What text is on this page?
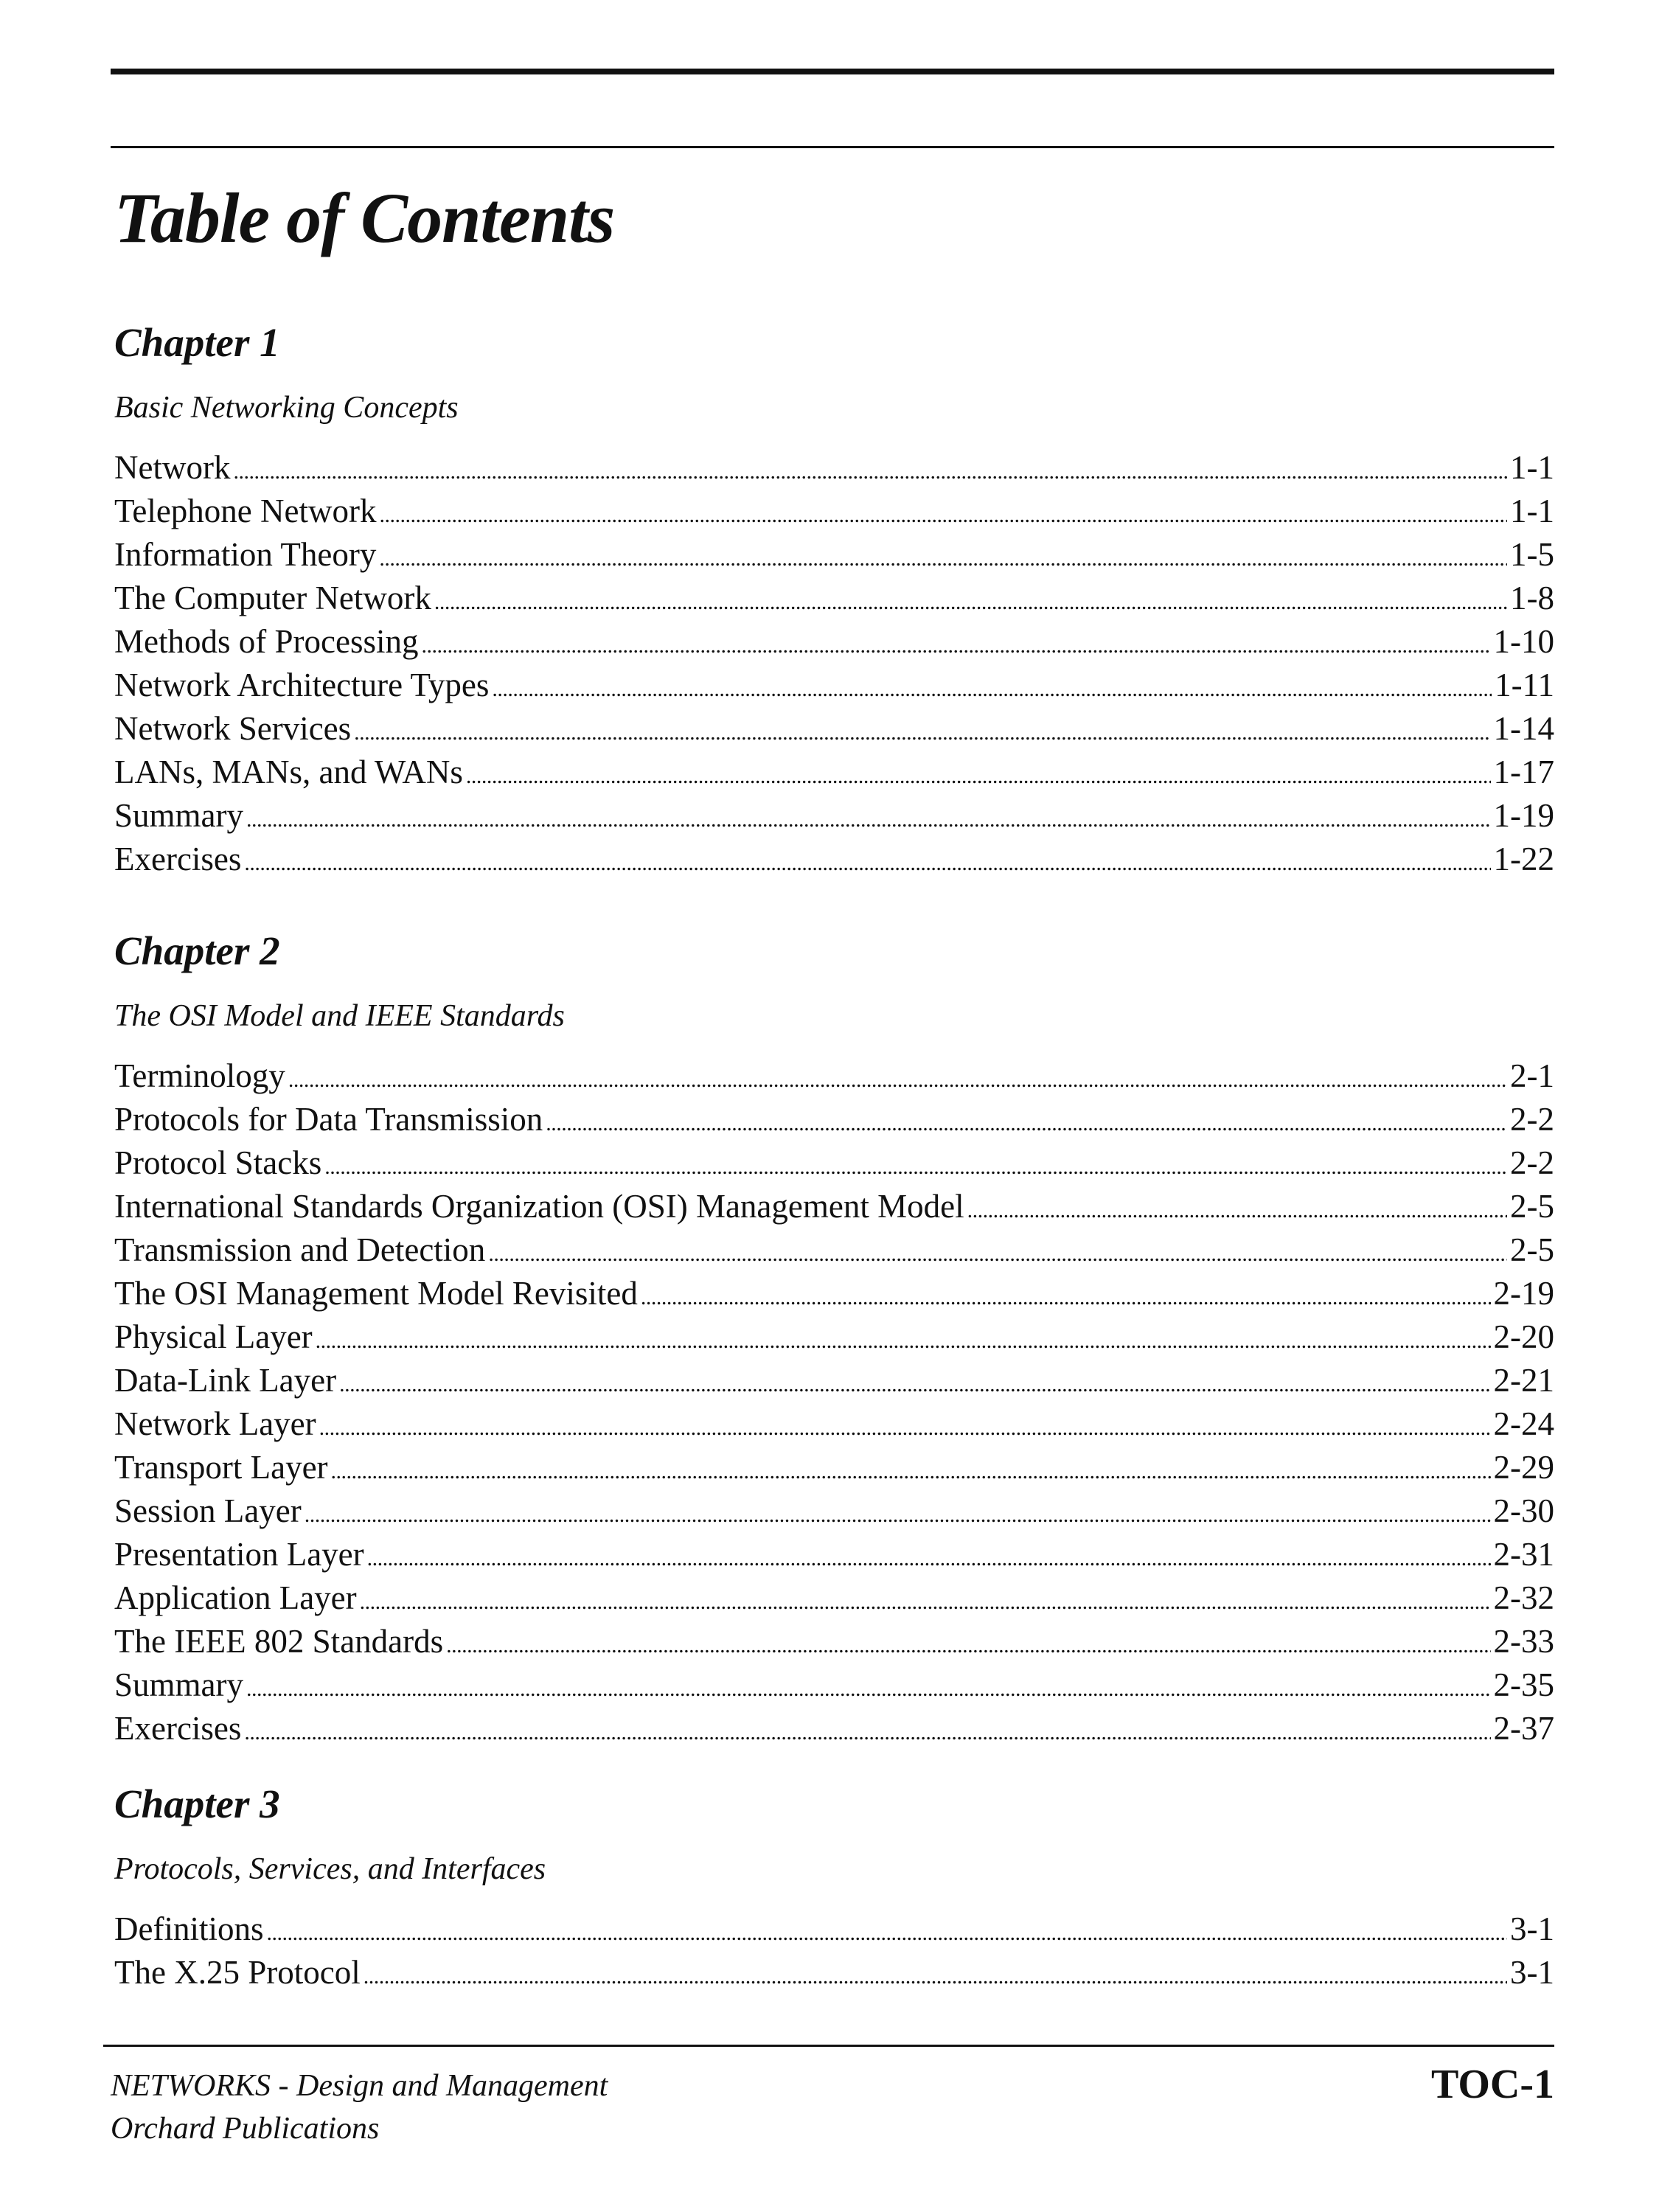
Table of Contents
Chapter 1
Basic Networking Concepts
Network . . .	1-1
Telephone Network . . .	1-1
Information Theory . . .	1-5
The Computer Network . . .	1-8
Methods of Processing . . .	1-10
Network Architecture Types . . .	1-11
Network Services . . .	1-14
LANs, MANs, and WANs . . .	1-17
Summary . . .	1-19
Exercises . . .	1-22
Chapter 2
The OSI Model and IEEE Standards
Terminology . . .	2-1
Protocols for Data Transmission . . .	2-2
Protocol Stacks . . .	2-2
International Standards Organization (OSI) Management Model . . .	2-5
Transmission and Detection . . .	2-5
The OSI Management Model Revisited . . .	2-19
Physical Layer . . .	2-20
Data-Link Layer . . .	2-21
Network Layer . . .	2-24
Transport Layer . . .	2-29
Session Layer . . .	2-30
Presentation Layer . . .	2-31
Application Layer . . .	2-32
The IEEE 802 Standards . . .	2-33
Summary . . .	2-35
Exercises . . .	2-37
Chapter 3
Protocols, Services, and Interfaces
Definitions . . .	3-1
The X.25 Protocol . . .	3-1
NETWORKS - Design and Management
Orchard Publications
TOC-1
